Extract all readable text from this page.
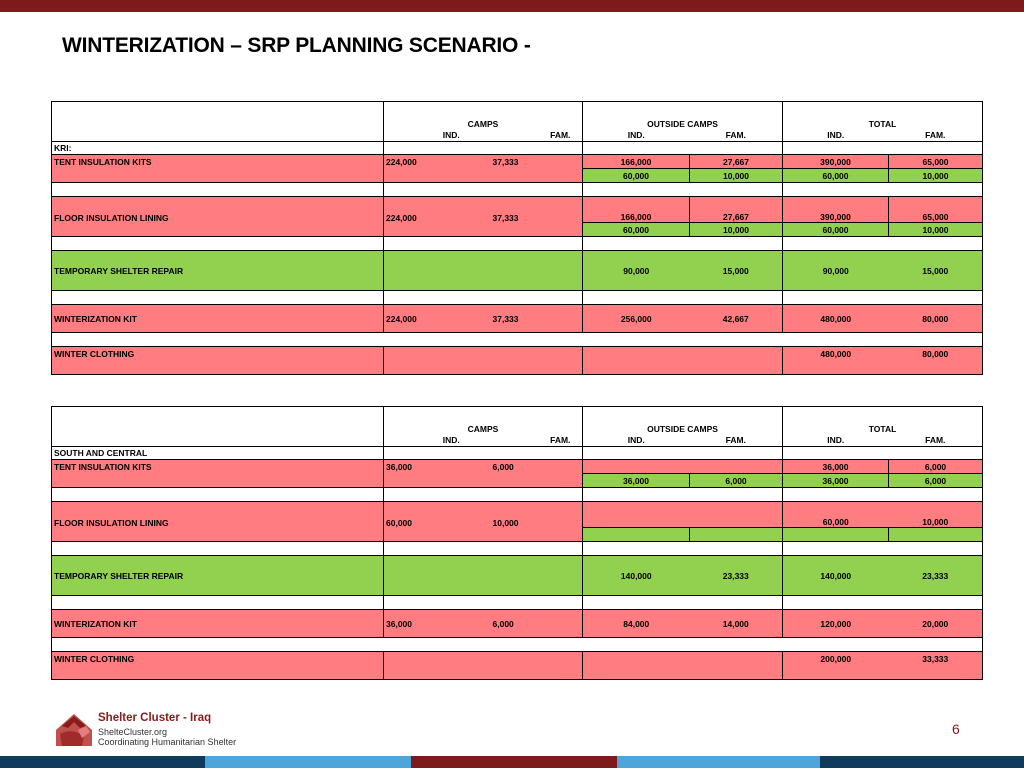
WINTERIZATION – SRP PLANNING SCENARIO -
	CAMPS		OUTSIDE CAMPS		TOTAL	
	IND.	FAM.	IND.	FAM.	IND.	FAM.
KRI:						
TENT INSULATION KITS	224,000	37,333	166,000	27,667	390,000	65,000
			60,000	10,000	60,000	10,000

FLOOR INSULATION LINING	224,000	37,333	166,000	27,667	390,000	65,000
			60,000	10,000	60,000	10,000

TEMPORARY SHELTER REPAIR			90,000	15,000	90,000	15,000

WINTERIZATION KIT	224,000	37,333	256,000	42,667	480,000	80,000

WINTER CLOTHING					480,000	80,000

	CAMPS		OUTSIDE CAMPS		TOTAL	
	IND.	FAM.	IND.	FAM.	IND.	FAM.
SOUTH AND CENTRAL						
TENT INSULATION KITS	36,000	6,000			36,000	6,000
			36,000	6,000	36,000	6,000

FLOOR INSULATION LINING	60,000	10,000			60,000	10,000

TEMPORARY SHELTER REPAIR			140,000	23,333	140,000	23,333

WINTERIZATION KIT	36,000	6,000	84,000	14,000	120,000	20,000

WINTER CLOTHING					200,000	33,333

Shelter Cluster - Iraq
ShelteCluster.org
Coordinating Humanitarian Shelter
6
